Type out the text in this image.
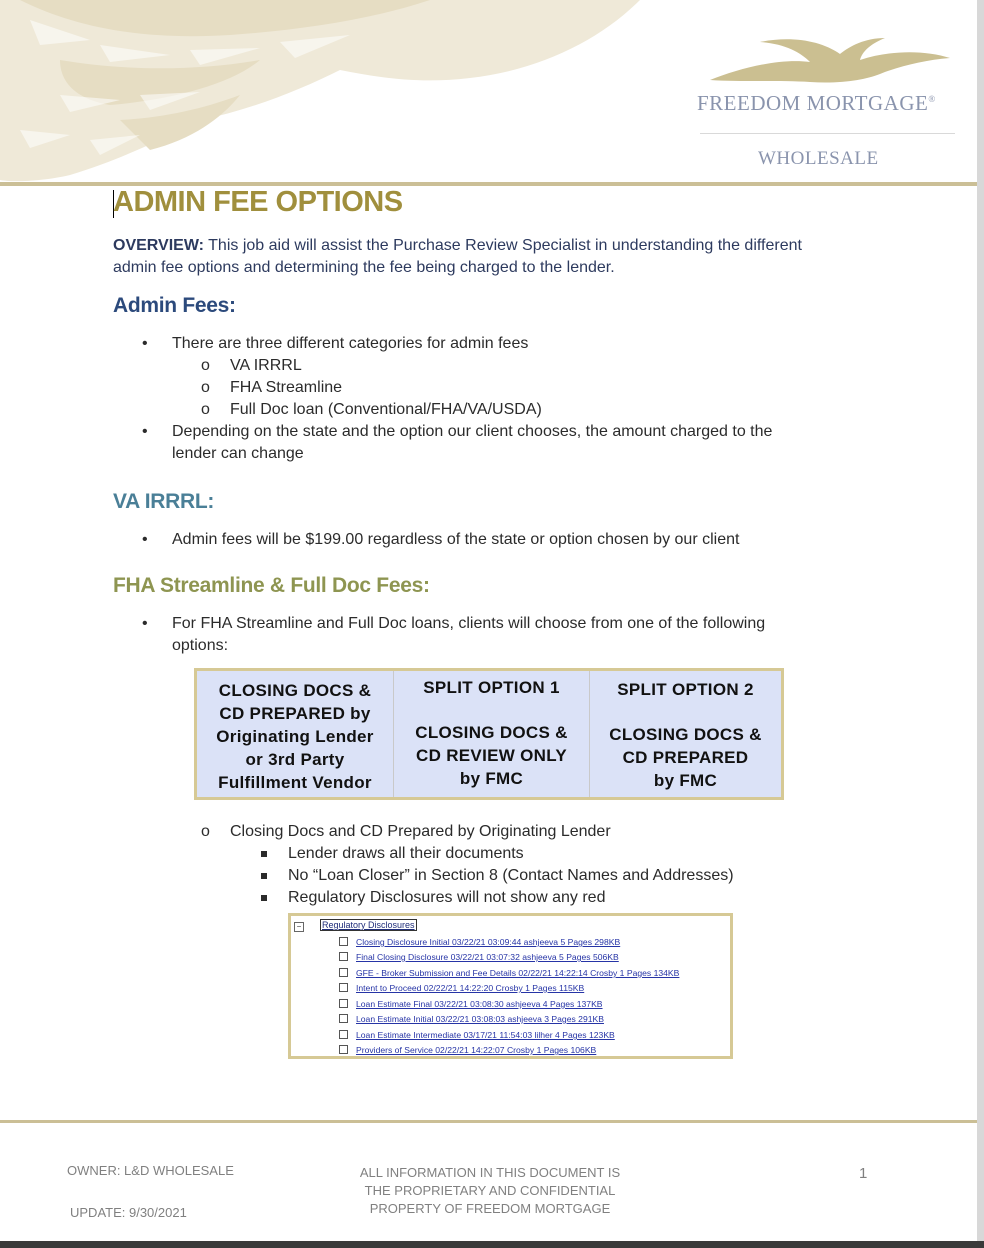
FREEDOM MORTGAGE®
WHOLESALE
ADMIN FEE OPTIONS
OVERVIEW: This job aid will assist the Purchase Review Specialist in understanding the different admin fee options and determining the fee being charged to the lender.
Admin Fees:
• There are three different categories for admin fees
o VA IRRRL
o FHA Streamline
o Full Doc loan (Conventional/FHA/VA/USDA)
• Depending on the state and the option our client chooses, the amount charged to the
lender can change
VA IRRRL:
• Admin fees will be $199.00 regardless of the state or option chosen by our client
FHA Streamline & Full Doc Fees:
• For FHA Streamline and Full Doc loans, clients will choose from one of the following
options:
CLOSING DOCS &
CD PREPARED by
Originating Lender
or 3rd Party
Fulfillment Vendor
SPLIT OPTION 1
CLOSING DOCS &
CD REVIEW ONLY
by FMC
SPLIT OPTION 2
CLOSING DOCS &
CD PREPARED
by FMC
o Closing Docs and CD Prepared by Originating Lender
Lender draws all their documents
No “Loan Closer” in Section 8 (Contact Names and Addresses)
Regulatory Disclosures will not show any red
− Regulatory Disclosures
Closing Disclosure Initial 03/22/21 03:09:44 ashjeeva 5 Pages 298KB
Final Closing Disclosure 03/22/21 03:07:32 ashjeeva 5 Pages 506KB
GFE - Broker Submission and Fee Details 02/22/21 14:22:14 Crosby 1 Pages 134KB
Intent to Proceed 02/22/21 14:22:20 Crosby 1 Pages 115KB
Loan Estimate Final 03/22/21 03:08:30 ashjeeva 4 Pages 137KB
Loan Estimate Initial 03/22/21 03:08:03 ashjeeva 3 Pages 291KB
Loan Estimate Intermediate 03/17/21 11:54:03 lilher 4 Pages 123KB
Providers of Service 02/22/21 14:22:07 Crosby 1 Pages 106KB
OWNER: L&D WHOLESALE
UPDATE: 9/30/2021
ALL INFORMATION IN THIS DOCUMENT IS
THE PROPRIETARY AND CONFIDENTIAL
PROPERTY OF FREEDOM MORTGAGE
1
